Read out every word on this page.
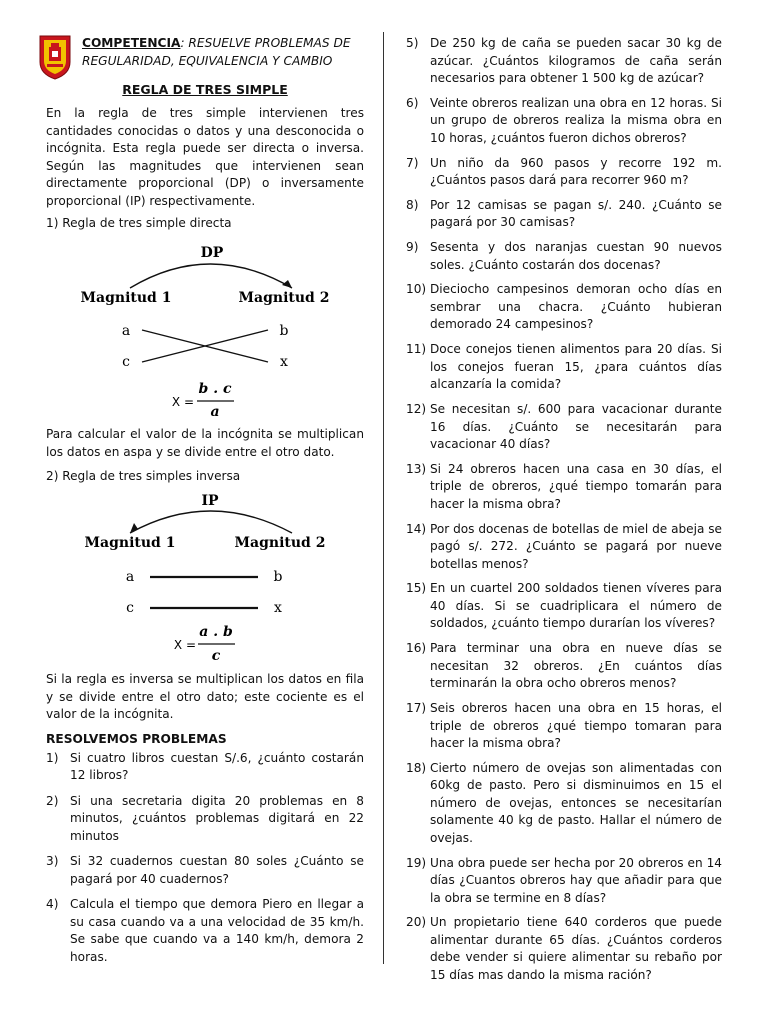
COMPETENCIA: RESUELVE PROBLEMAS DE REGULARIDAD, EQUIVALENCIA Y CAMBIO
REGLA DE TRES SIMPLE

En la regla de tres simple intervienen tres cantidades conocidas o datos y una desconocida o incógnita. Esta regla puede ser directa o inversa. Según las magnitudes que intervienen sean directamente proporcional (DP) o inversamente proporcional (IP) respectivamente.

1) Regla de tres simple directa
DP
Magnitud 1	Magnitud 2
a	b
c	x
X =
b . c
a

Para calcular el valor de la incógnita se multiplican los datos en aspa y se divide entre el otro dato.

2) Regla de tres simples inversa
IP
Magnitud 1	Magnitud 2
a	b
c	x
X =
a . b
c

Si la regla es inversa se multiplican los datos en fila y se divide entre el otro dato; este cociente es el valor de la incógnita.

RESOLVEMOS PROBLEMAS
1) Si cuatro libros cuestan S/.6, ¿cuánto costarán 12 libros?
2) Si una secretaria digita 20 problemas en 8 minutos, ¿cuántos problemas digitará en 22 minutos
3) Si 32 cuadernos cuestan 80 soles ¿Cuánto se pagará por 40 cuadernos?
4) Calcula el tiempo que demora Piero en llegar a su casa cuando va a una velocidad de 35 km/h. Se sabe que cuando va a 140 km/h, demora 2 horas.
5) De 250 kg de caña se pueden sacar 30 kg de azúcar. ¿Cuántos kilogramos de caña serán necesarios para obtener 1 500 kg de azúcar?
6) Veinte obreros realizan una obra en 12 horas. Si un grupo de obreros realiza la misma obra en 10 horas, ¿cuántos fueron dichos obreros?
7) Un niño da 960 pasos y recorre 192 m. ¿Cuántos pasos dará para recorrer 960 m?
8) Por 12 camisas se pagan s/. 240. ¿Cuánto se pagará por 30 camisas?
9) Sesenta y dos naranjas cuestan 90 nuevos soles. ¿Cuánto costarán dos docenas?
10) Dieciocho campesinos demoran ocho días en sembrar una chacra. ¿Cuánto hubieran demorado 24 campesinos?
11) Doce conejos tienen alimentos para 20 días. Si los conejos fueran 15, ¿para cuántos días alcanzaría la comida?
12) Se necesitan s/. 600 para vacacionar durante 16 días. ¿Cuánto se necesitarán para vacacionar 40 días?
13) Si 24 obreros hacen una casa en 30 días, el triple de obreros, ¿qué tiempo tomarán para hacer la misma obra?
14) Por dos docenas de botellas de miel de abeja se pagó s/. 272. ¿Cuánto se pagará por nueve botellas menos?
15) En un cuartel 200 soldados tienen víveres para 40 días. Si se cuadriplicara el número de soldados, ¿cuánto tiempo durarían los víveres?
16) Para terminar una obra en nueve días se necesitan 32 obreros. ¿En cuántos días terminarán la obra ocho obreros menos?
17) Seis obreros hacen una obra en 15 horas, el triple de obreros ¿qué tiempo tomaran para hacer la misma obra?
18) Cierto número de ovejas son alimentadas con 60kg de pasto. Pero si disminuimos en 15 el número de ovejas, entonces se necesitarían solamente 40 kg de pasto. Hallar el número de ovejas.
19) Una obra puede ser hecha por 20 obreros en 14 días ¿Cuantos obreros hay que añadir para que la obra se termine en 8 días?
20) Un propietario tiene 640 corderos que puede alimentar durante 65 días. ¿Cuántos corderos debe vender si quiere alimentar su rebaño por 15 días mas dando la misma ración?
